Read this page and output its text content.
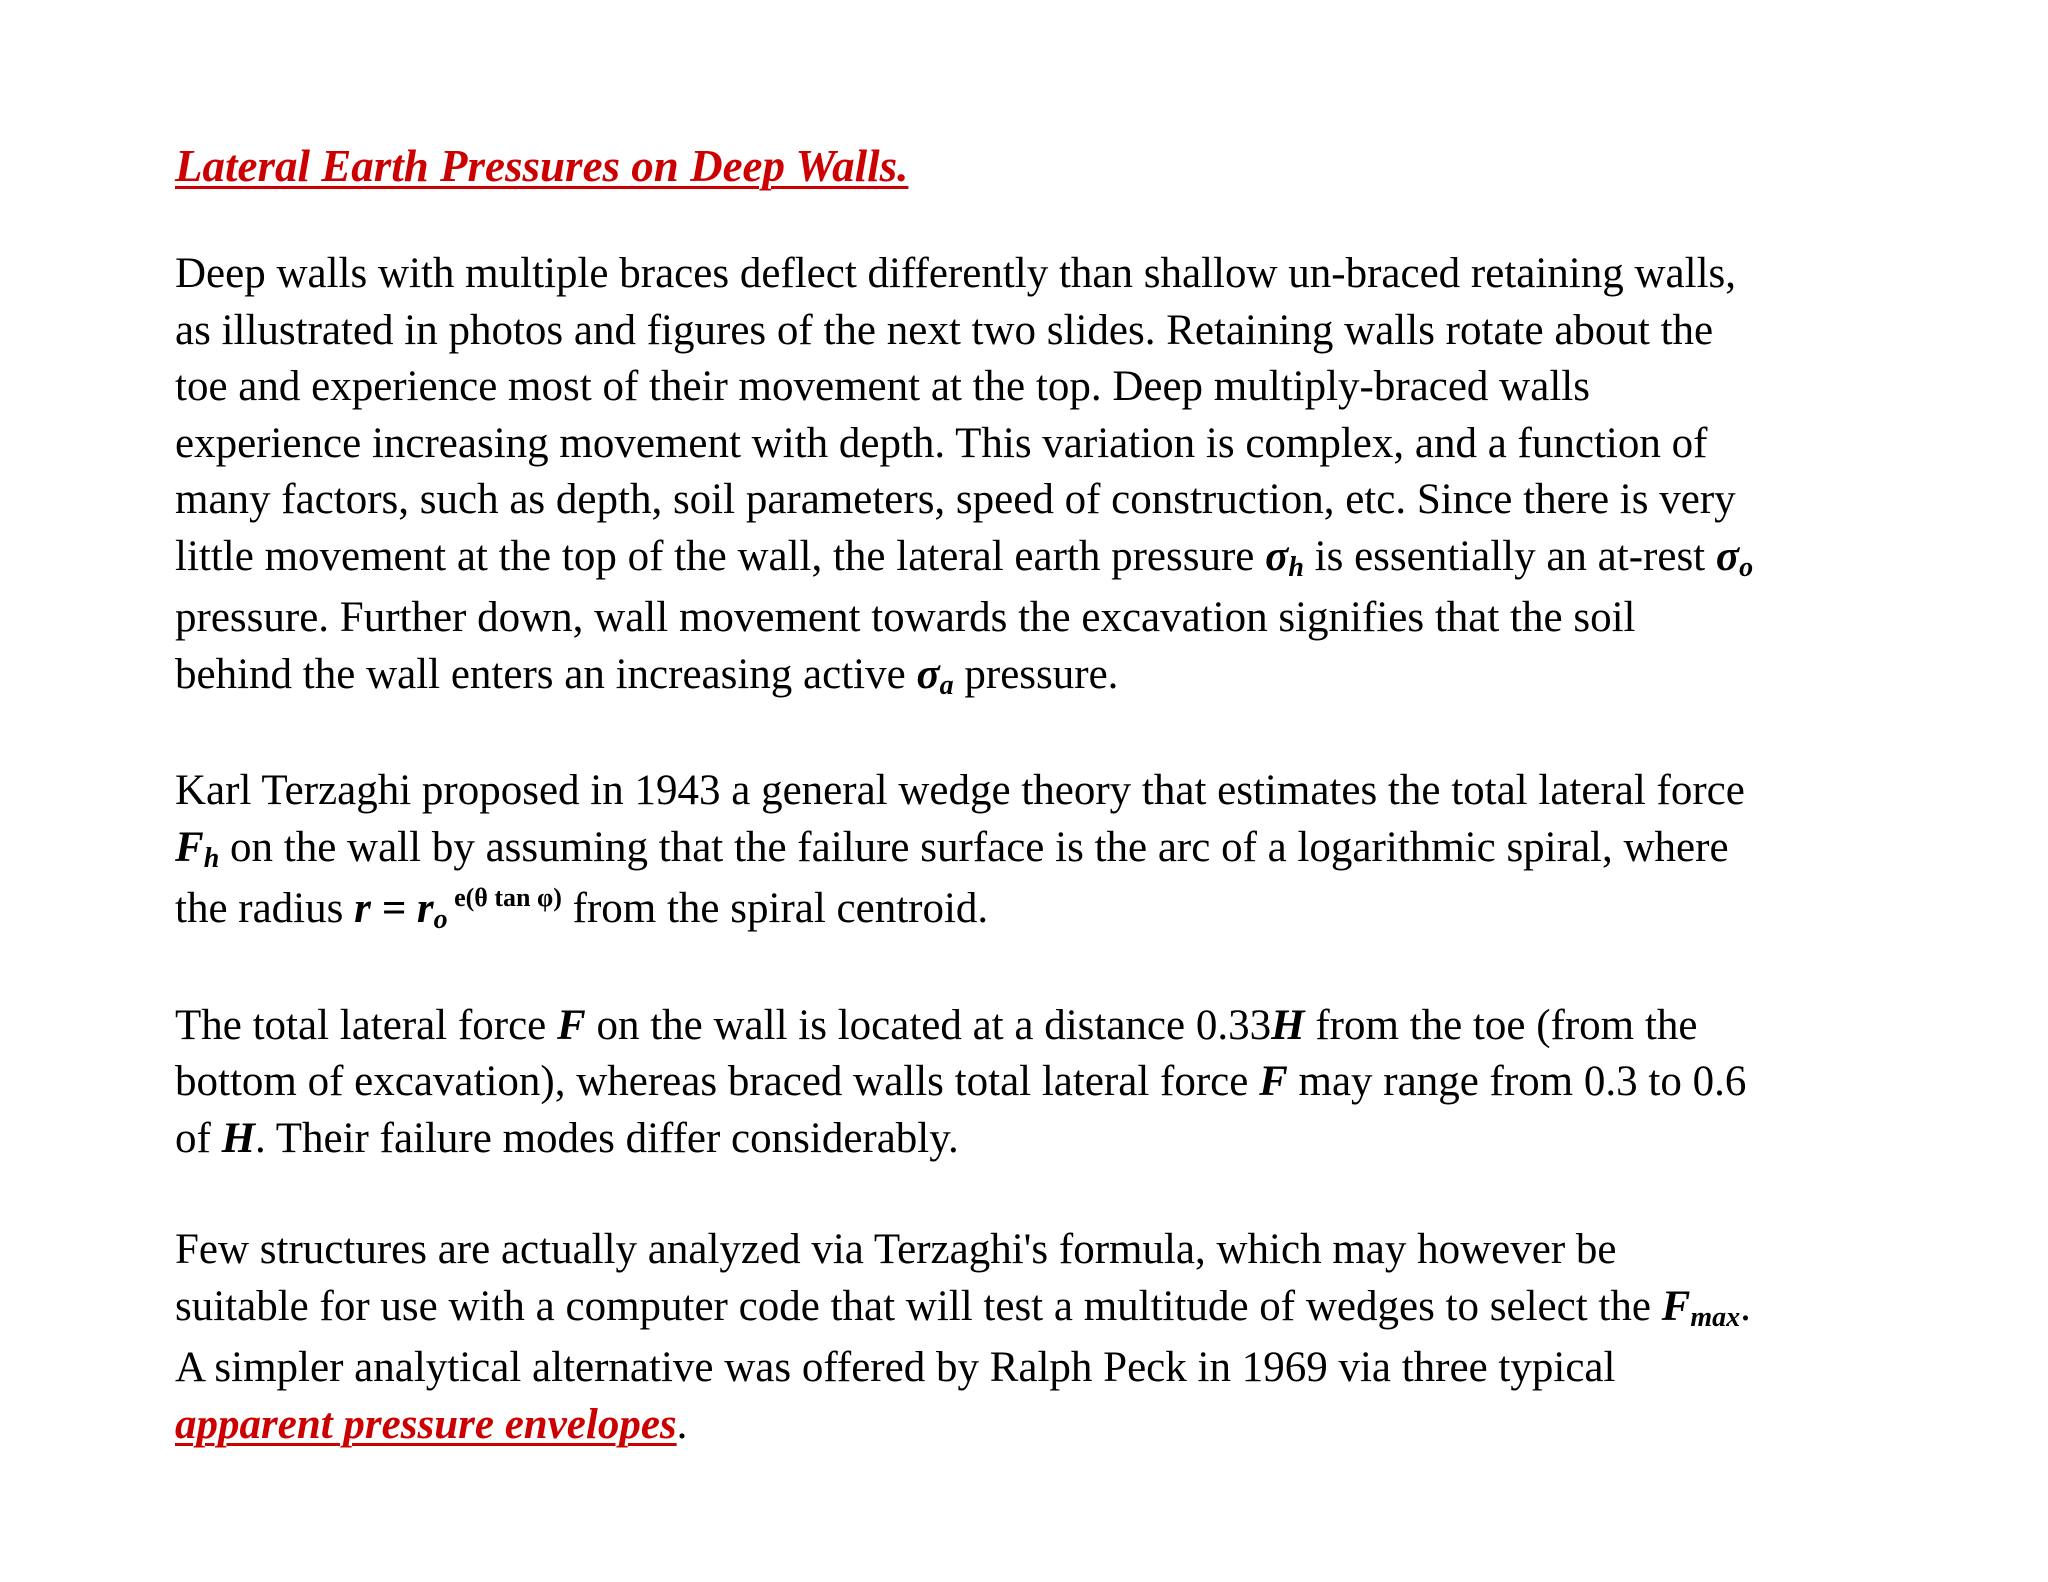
Lateral Earth Pressures on Deep Walls.
Deep walls with multiple braces deflect differently than shallow un-braced retaining walls,
as illustrated in photos and figures of the next two slides. Retaining walls rotate about the
toe and experience most of their movement at the top. Deep multiply-braced walls
experience increasing movement with depth. This variation is complex, and a function of
many factors, such as depth, soil parameters, speed of construction, etc. Since there is very
little movement at the top of the wall, the lateral earth pressure σh is essentially an at-rest σo
pressure. Further down, wall movement towards the excavation signifies that the soil
behind the wall enters an increasing active σa pressure.
Karl Terzaghi proposed in 1943 a general wedge theory that estimates the total lateral force
Fh on the wall by assuming that the failure surface is the arc of a logarithmic spiral, where
the radius r = ro $^{e(\theta tan \varphi)}$ from the spiral centroid.
The total lateral force F on the wall is located at a distance 0.33H from the toe (from the
bottom of excavation), whereas braced walls total lateral force F may range from 0.3 to 0.6
of H. Their failure modes differ considerably.
Few structures are actually analyzed via Terzaghi's formula, which may however be
suitable for use with a computer code that will test a multitude of wedges to select the Fmax.
A simpler analytical alternative was offered by Ralph Peck in 1969 via three typical
apparent pressure envelopes.
